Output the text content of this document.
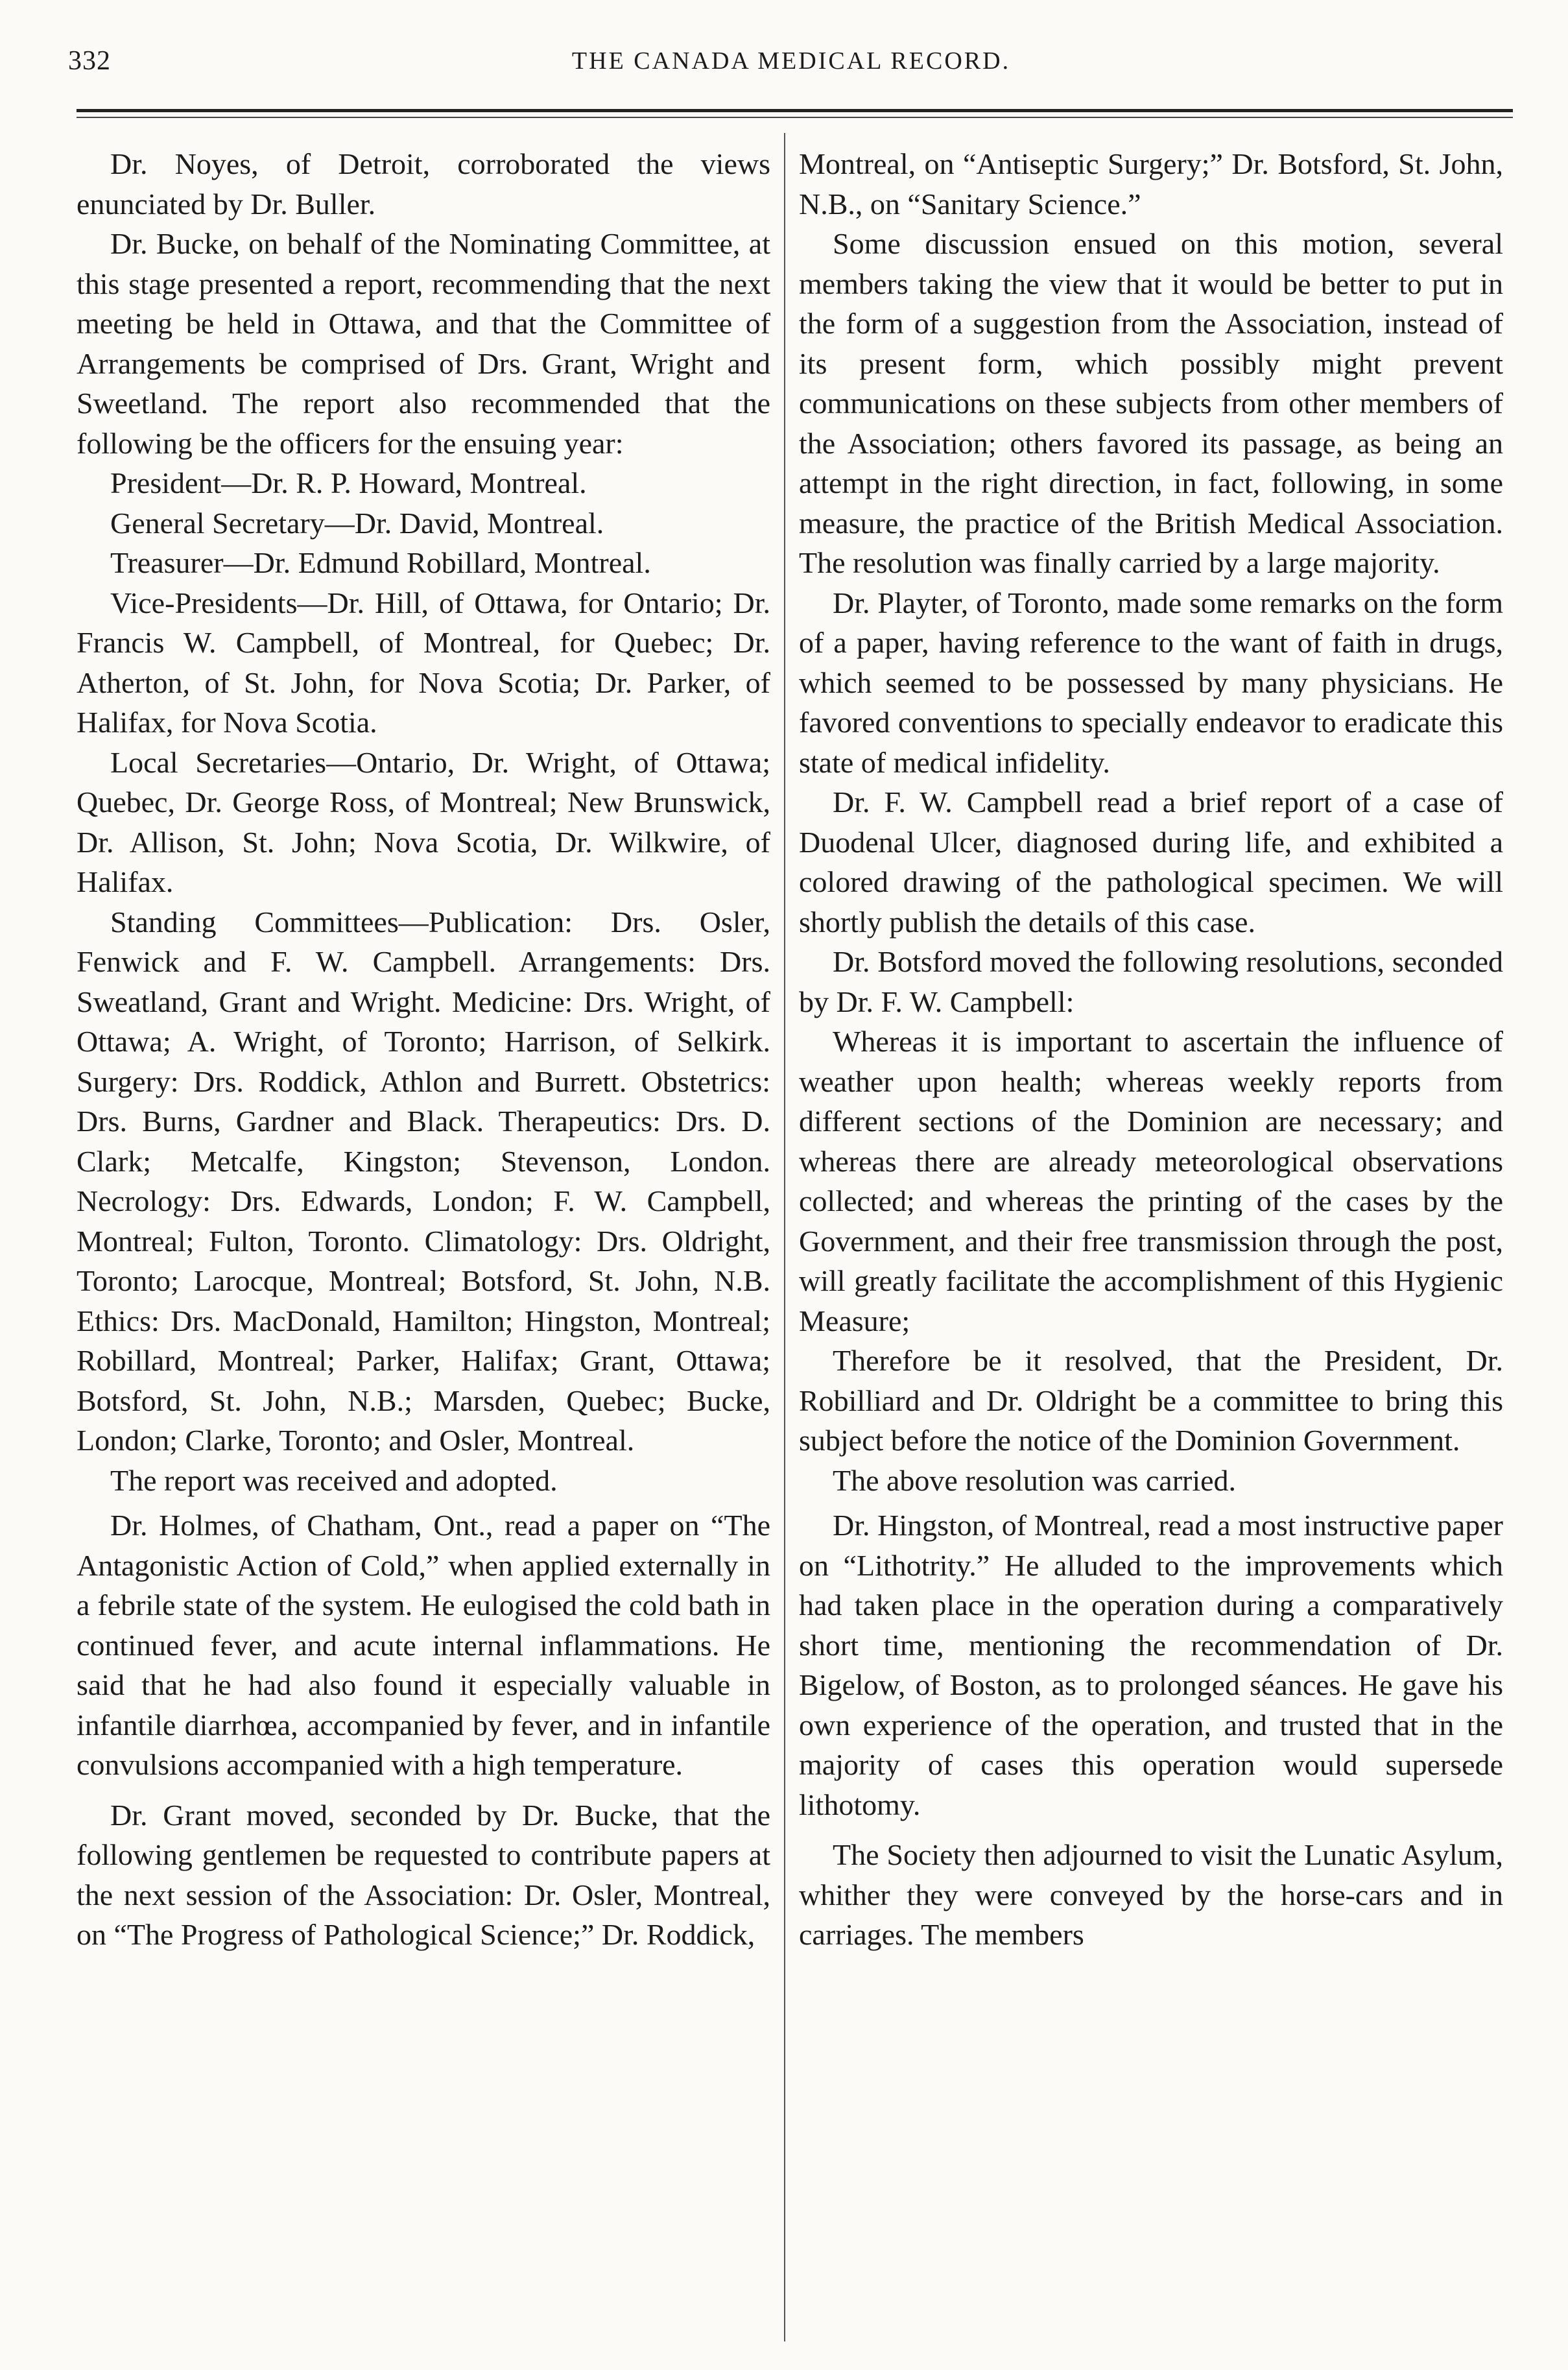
332	THE CANADA MEDICAL RECORD.

Dr. Noyes, of Detroit, corroborated the views enunciated by Dr. Buller.

Dr. Bucke, on behalf of the Nominating Committee, at this stage presented a report, recommending that the next meeting be held in Ottawa, and that the Committee of Arrangements be comprised of Drs. Grant, Wright and Sweetland. The report also recommended that the following be the officers for the ensuing year:

President—Dr. R. P. Howard, Montreal.

General Secretary—Dr. David, Montreal.

Treasurer—Dr. Edmund Robillard, Montreal.

Vice-Presidents—Dr. Hill, of Ottawa, for Ontario; Dr. Francis W. Campbell, of Montreal, for Quebec; Dr. Atherton, of St. John, for Nova Scotia; Dr. Parker, of Halifax, for Nova Scotia.

Local Secretaries—Ontario, Dr. Wright, of Ottawa; Quebec, Dr. George Ross, of Montreal; New Brunswick, Dr. Allison, St. John; Nova Scotia, Dr. Wilkwire, of Halifax.

Standing Committees—Publication: Drs. Osler, Fenwick and F. W. Campbell. Arrangements: Drs. Sweatland, Grant and Wright. Medicine: Drs. Wright, of Ottawa; A. Wright, of Toronto; Harrison, of Selkirk. Surgery: Drs. Roddick, Athlon and Burrett. Obstetrics: Drs. Burns, Gardner and Black. Therapeutics: Drs. D. Clark; Metcalfe, Kingston; Stevenson, London. Necrology: Drs. Edwards, London; F. W. Campbell, Montreal; Fulton, Toronto. Climatology: Drs. Oldright, Toronto; Larocque, Montreal; Botsford, St. John, N.B. Ethics: Drs. MacDonald, Hamilton; Hingston, Montreal; Robillard, Montreal; Parker, Halifax; Grant, Ottawa; Botsford, St. John, N.B.; Marsden, Quebec; Bucke, London; Clarke, Toronto; and Osler, Montreal.

The report was received and adopted.

Dr. Holmes, of Chatham, Ont., read a paper on “The Antagonistic Action of Cold,” when applied externally in a febrile state of the system. He eulogised the cold bath in continued fever, and acute internal inflammations. He said that he had also found it especially valuable in infantile diarrhœa, accompanied by fever, and in infantile convulsions accompanied with a high temperature.

Dr. Grant moved, seconded by Dr. Bucke, that the following gentlemen be requested to contribute papers at the next session of the Association: Dr. Osler, Montreal, on “The Progress of Pathological Science;” Dr. Roddick,

Montreal, on “Antiseptic Surgery;” Dr. Botsford, St. John, N.B., on “Sanitary Science.”

Some discussion ensued on this motion, several members taking the view that it would be better to put in the form of a suggestion from the Association, instead of its present form, which possibly might prevent communications on these subjects from other members of the Association; others favored its passage, as being an attempt in the right direction, in fact, following, in some measure, the practice of the British Medical Association. The resolution was finally carried by a large majority.

Dr. Playter, of Toronto, made some remarks on the form of a paper, having reference to the want of faith in drugs, which seemed to be possessed by many physicians. He favored conventions to specially endeavor to eradicate this state of medical infidelity.

Dr. F. W. Campbell read a brief report of a case of Duodenal Ulcer, diagnosed during life, and exhibited a colored drawing of the pathological specimen. We will shortly publish the details of this case.

Dr. Botsford moved the following resolutions, seconded by Dr. F. W. Campbell:

Whereas it is important to ascertain the influence of weather upon health; whereas weekly reports from different sections of the Dominion are necessary; and whereas there are already meteorological observations collected; and whereas the printing of the cases by the Government, and their free transmission through the post, will greatly facilitate the accomplishment of this Hygienic Measure;

Therefore be it resolved, that the President, Dr. Robilliard and Dr. Oldright be a committee to bring this subject before the notice of the Dominion Government.

The above resolution was carried.

Dr. Hingston, of Montreal, read a most instructive paper on “Lithotrity.” He alluded to the improvements which had taken place in the operation during a comparatively short time, mentioning the recommendation of Dr. Bigelow, of Boston, as to prolonged séances. He gave his own experience of the operation, and trusted that in the majority of cases this operation would supersede lithotomy.

The Society then adjourned to visit the Lunatic Asylum, whither they were conveyed by the horse-cars and in carriages. The members
